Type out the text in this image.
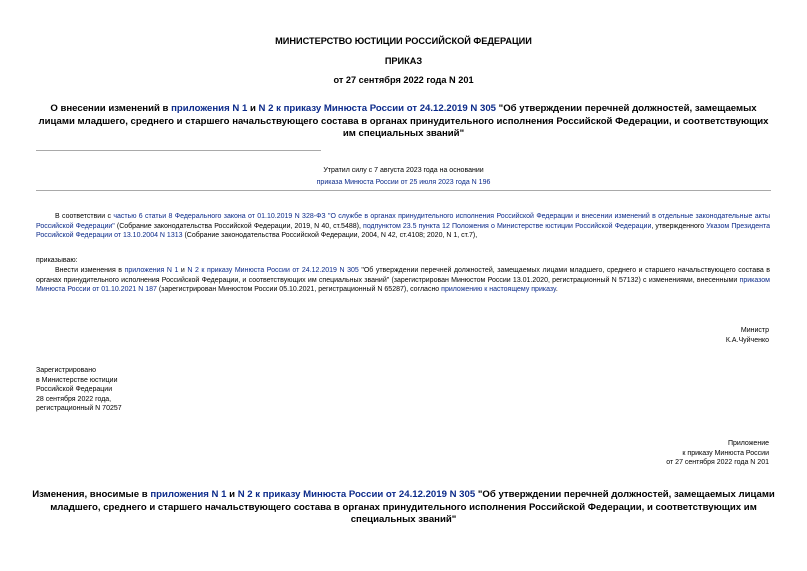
МИНИСТЕРСТВО ЮСТИЦИИ РОССИЙСКОЙ ФЕДЕРАЦИИ
ПРИКАЗ
от 27 сентября 2022 года N 201
О внесении изменений в приложения N 1 и N 2 к приказу Минюста России от 24.12.2019 N 305 "Об утверждении перечней должностей, замещаемых лицами младшего, среднего и старшего начальствующего состава в органах принудительного исполнения Российской Федерации, и соответствующих им специальных званий"
Утратил силу с 7 августа 2023 года на основании
приказа Минюста России от 25 июля 2023 года N 196
В соответствии с частью 6 статьи 8 Федерального закона от 01.10.2019 N 328-ФЗ "О службе в органах принудительного исполнения Российской Федерации и внесении изменений в отдельные законодательные акты Российской Федерации" (Собрание законодательства Российской Федерации, 2019, N 40, ст.5488), подпунктом 23.5 пункта 12 Положения о Министерстве юстиции Российской Федерации, утвержденного Указом Президента Российской Федерации от 13.10.2004 N 1313 (Собрание законодательства Российской Федерации, 2004, N 42, ст.4108; 2020, N 1, ст.7),
приказываю:
Внести изменения в приложения N 1 и N 2 к приказу Минюста России от 24.12.2019 N 305 "Об утверждении перечней должностей, замещаемых лицами младшего, среднего и старшего начальствующего состава в органах принудительного исполнения Российской Федерации, и соответствующих им специальных званий" (зарегистрирован Минюстом России 13.01.2020, регистрационный N 57132) с изменениями, внесенными приказом Минюста России от 01.10.2021 N 187 (зарегистрирован Минюстом России 05.10.2021, регистрационный N 65287), согласно приложению к настоящему приказу.
Министр
К.А.Чуйченко
Зарегистрировано
в Министерстве юстиции
Российской Федерации
28 сентября 2022 года,
регистрационный N 70257
Приложение
к приказу Минюста России
от 27 сентября 2022 года N 201
Изменения, вносимые в приложения N 1 и N 2 к приказу Минюста России от 24.12.2019 N 305 "Об утверждении перечней должностей, замещаемых лицами младшего, среднего и старшего начальствующего состава в органах принудительного исполнения Российской Федерации, и соответствующих им специальных званий"
